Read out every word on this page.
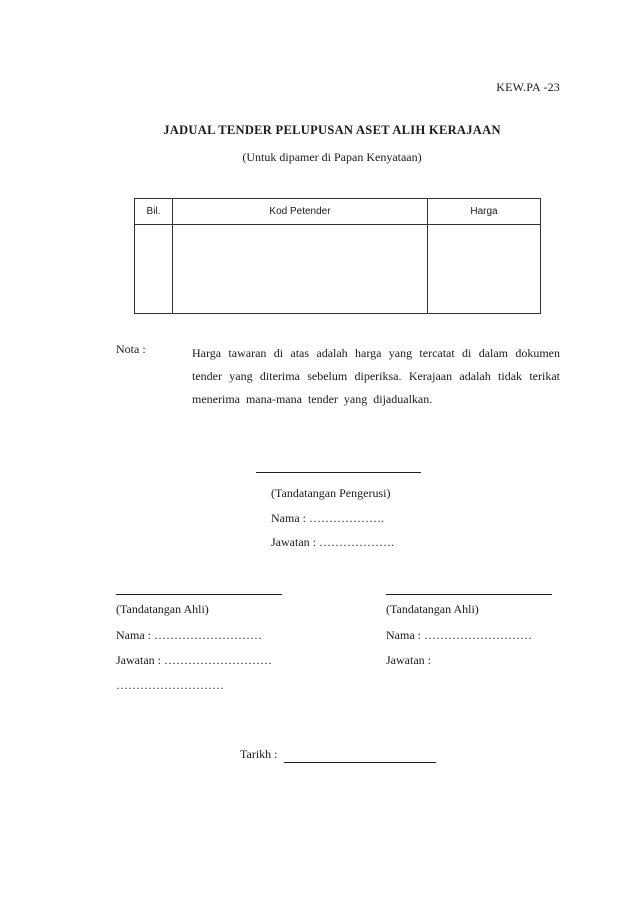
KEW.PA -23
JADUAL TENDER PELUPUSAN ASET ALIH KERAJAAN
(Untuk dipamer di Papan Kenyataan)
Bil.	Kod Petender	Harga

Nota :	Harga tawaran di atas adalah harga yang tercatat di dalam dokumen tender yang diterima sebelum diperiksa. Kerajaan adalah tidak terikat menerima mana-mana tender yang dijadualkan.
(Tandatangan Pengerusi)
Nama : ……………….
Jawatan : ……………….
(Tandatangan Ahli)
Nama : ………………………
Jawatan : ………………………
………………………
(Tandatangan Ahli)
Nama : ………………………
Jawatan :
Tarikh :
